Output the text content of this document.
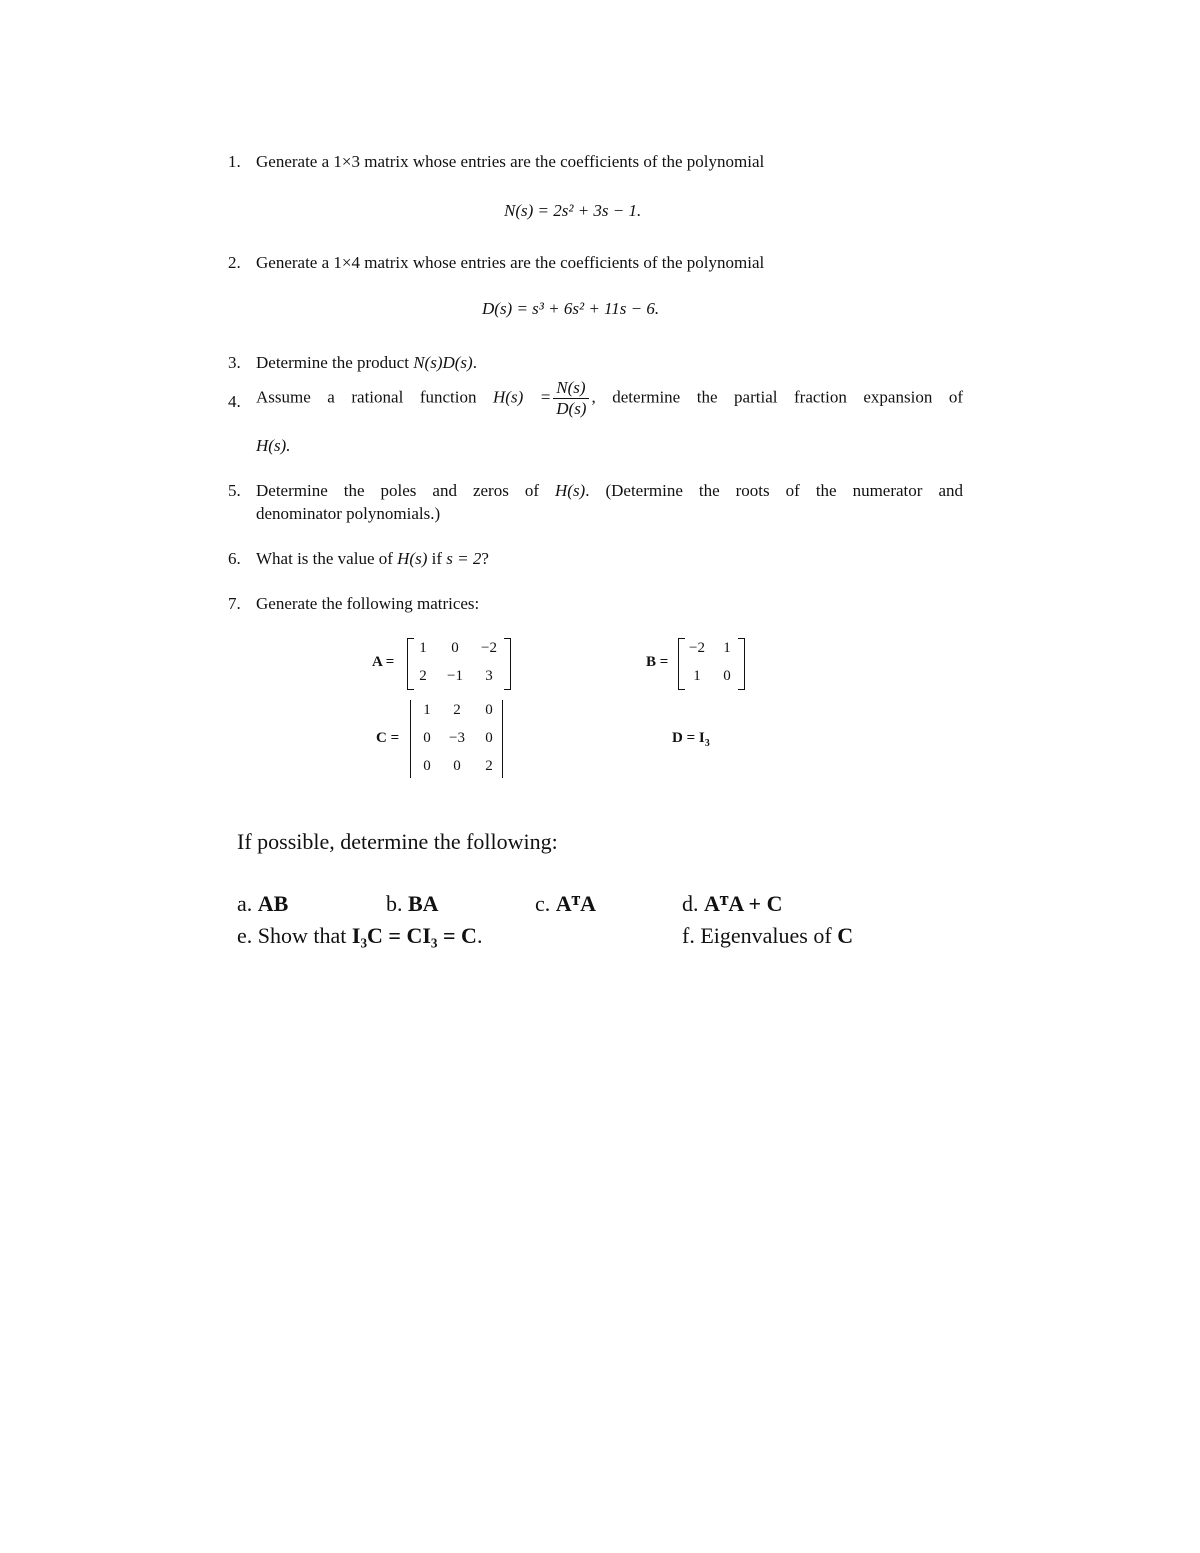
1. Generate a 1×3 matrix whose entries are the coefficients of the polynomial
N(s) = 2s² + 3s − 1.
2. Generate a 1×4 matrix whose entries are the coefficients of the polynomial
D(s) = s³ + 6s² + 11s − 6.
3. Determine the product N(s)D(s).
4. Assume a rational function $H(s) = \frac{N(s)}{D(s)}$ , determine the partial fraction expansion of
H(s).
5. Determine the poles and zeros of H(s). (Determine the roots of the numerator and
denominator polynomials.)
6. What is the value of H(s) if s = 2?
7. Generate the following matrices:
A =
1	0	−2
2	−1	3
B =
−2	1
1	0
C =
1	2	0
0	−3	0
0	0	2
$D = I_3$
If possible, determine the following:
a. AB	b. BA	c. AᵀA	d. AᵀA + C
e. Show that I₃C = CI₃ = C.	f. Eigenvalues of C
